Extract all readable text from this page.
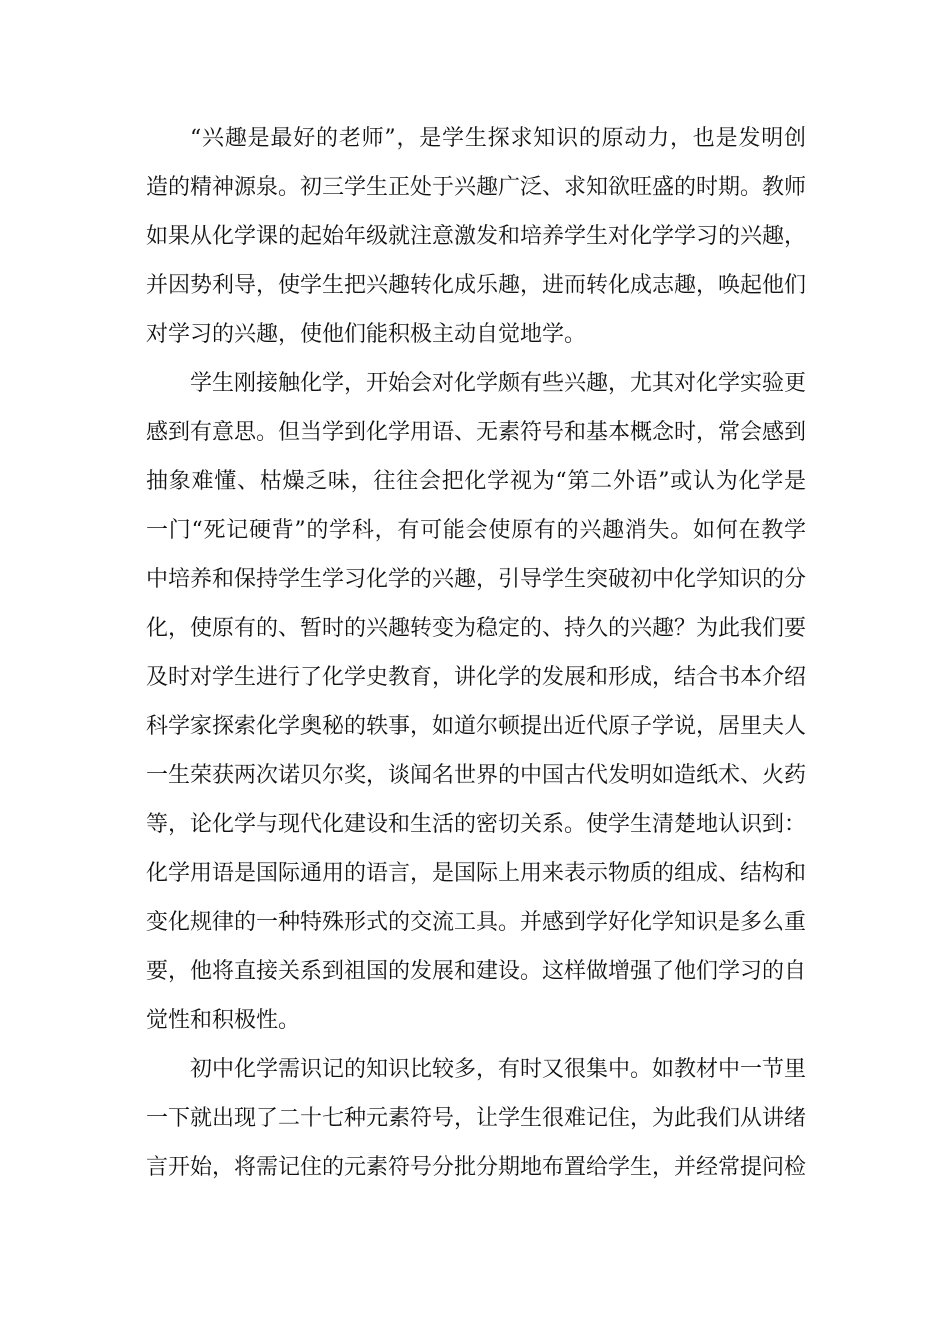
“兴趣是最好的老师”，是学生探求知识的原动力，也是发明创
造的精神源泉。初三学生正处于兴趣广泛、求知欲旺盛的时期。教师
如果从化学课的起始年级就注意激发和培养学生对化学学习的兴趣，
并因势利导，使学生把兴趣转化成乐趣，进而转化成志趣，唤起他们
对学习的兴趣，使他们能积极主动自觉地学。

学生刚接触化学，开始会对化学颇有些兴趣，尤其对化学实验更
感到有意思。但当学到化学用语、无素符号和基本概念时，常会感到
抽象难懂、枯燥乏味，往往会把化学视为“第二外语”或认为化学是
一门“死记硬背”的学科，有可能会使原有的兴趣消失。如何在教学
中培养和保持学生学习化学的兴趣，引导学生突破初中化学知识的分
化，使原有的、暂时的兴趣转变为稳定的、持久的兴趣？为此我们要
及时对学生进行了化学史教育，讲化学的发展和形成，结合书本介绍
科学家探索化学奥秘的轶事，如道尔顿提出近代原子学说，居里夫人
一生荣获两次诺贝尔奖，谈闻名世界的中国古代发明如造纸术、火药
等，论化学与现代化建设和生活的密切关系。使学生清楚地认识到：
化学用语是国际通用的语言，是国际上用来表示物质的组成、结构和
变化规律的一种特殊形式的交流工具。并感到学好化学知识是多么重
要，他将直接关系到祖国的发展和建设。这样做增强了他们学习的自
觉性和积极性。

初中化学需识记的知识比较多，有时又很集中。如教材中一节里
一下就出现了二十七种元素符号，让学生很难记住，为此我们从讲绪
言开始，将需记住的元素符号分批分期地布置给学生，并经常提问检
